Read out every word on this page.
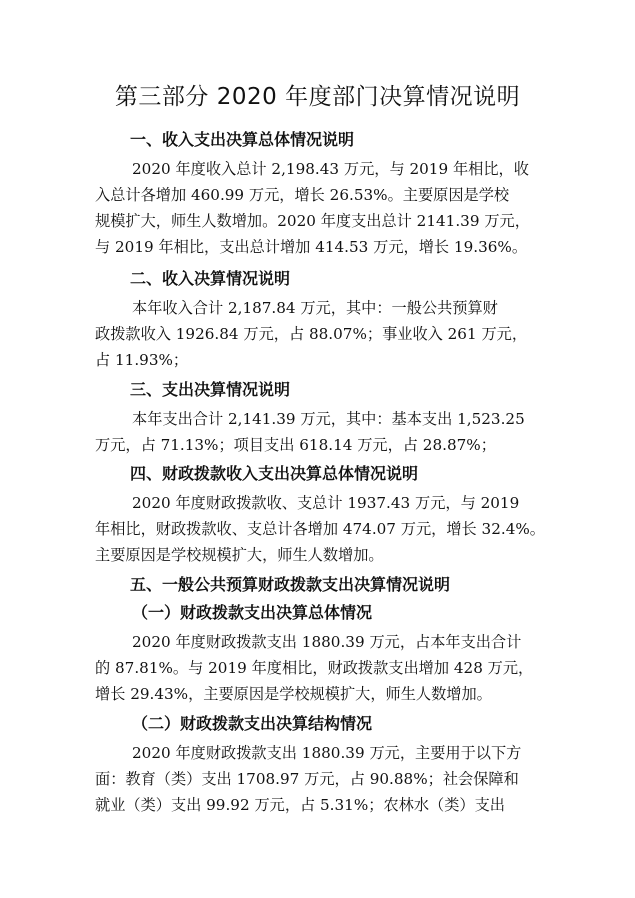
第三部分 2020 年度部门决算情况说明
一、收入支出决算总体情况说明
2020 年度收入总计 2,198.43 万元，与 2019 年相比，收
入总计各增加 460.99 万元，增长 26.53%。主要原因是学校
规模扩大，师生人数增加。2020 年度支出总计 2141.39 万元，
与 2019 年相比，支出总计增加 414.53 万元，增长 19.36%。
二、收入决算情况说明
本年收入合计 2,187.84 万元，其中：一般公共预算财
政拨款收入 1926.84 万元，占 88.07%；事业收入 261 万元，
占 11.93%；
三、支出决算情况说明
本年支出合计 2,141.39 万元，其中：基本支出 1,523.25
万元，占 71.13%；项目支出 618.14 万元，占 28.87%；
四、财政拨款收入支出决算总体情况说明
2020 年度财政拨款收、支总计 1937.43 万元，与 2019
年相比，财政拨款收、支总计各增加 474.07 万元，增长 32.4%。
主要原因是学校规模扩大，师生人数增加。
五、一般公共预算财政拨款支出决算情况说明
（一）财政拨款支出决算总体情况
2020 年度财政拨款支出 1880.39 万元，占本年支出合计
的 87.81%。与 2019 年度相比，财政拨款支出增加 428 万元，
增长 29.43%，主要原因是学校规模扩大，师生人数增加。
（二）财政拨款支出决算结构情况
2020 年度财政拨款支出 1880.39 万元，主要用于以下方
面：教育（类）支出 1708.97 万元，占 90.88%；社会保障和
就业（类）支出 99.92 万元，占 5.31%；农林水（类）支出
